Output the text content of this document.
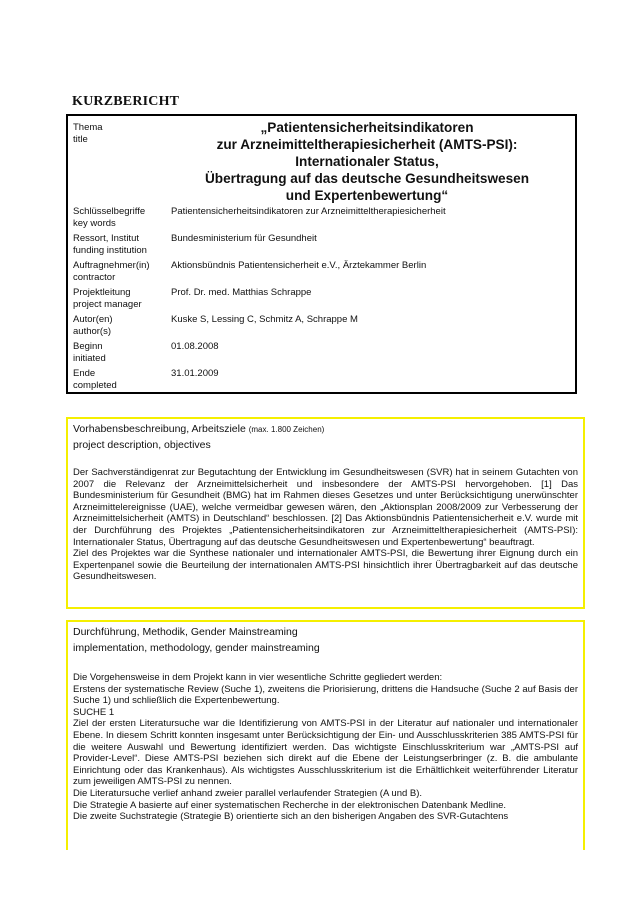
KURZBERICHT
Thema
title
„Patientensicherheitsindikatoren
zur Arzneimitteltherapiesicherheit (AMTS-PSI):
Internationaler Status,
Übertragung auf das deutsche Gesundheitswesen
und Expertenbewertung“
Schlüsselbegriffe
key words
Patientensicherheitsindikatoren zur Arzneimitteltherapiesicherheit
Ressort, Institut
funding institution
Bundesministerium für Gesundheit
Auftragnehmer(in)
contractor
Aktionsbündnis Patientensicherheit e.V., Ärztekammer Berlin
Projektleitung
project manager
Prof. Dr. med. Matthias Schrappe
Autor(en)
author(s)
Kuske S, Lessing C, Schmitz A, Schrappe M
Beginn
initiated
01.08.2008
Ende
completed
31.01.2009
Vorhabensbeschreibung, Arbeitsziele (max. 1.800 Zeichen)
project description, objectives

Der Sachverständigenrat zur Begutachtung der Entwicklung im Gesundheitswesen (SVR) hat in seinem Gutachten von 2007 die Relevanz der Arzneimittelsicherheit und insbesondere der AMTS-PSI hervorgehoben. [1] Das Bundesministerium für Gesundheit (BMG) hat im Rahmen dieses Gesetzes und unter Berücksichtigung unerwünschter Arzneimittelereignisse (UAE), welche vermeidbar gewesen wären, den „Aktionsplan 2008/2009 zur Verbesserung der Arzneimittelsicherheit (AMTS) in Deutschland“ beschlossen. [2] Das Aktionsbündnis Patientensicherheit e.V. wurde mit der Durchführung des Projektes „Patientensicherheitsindikatoren zur Arzneimitteltherapiesicherheit (AMTS-PSI): Internationaler Status, Übertragung auf das deutsche Gesundheitswesen und Expertenbewertung“ beauftragt.

Ziel des Projektes war die Synthese nationaler und internationaler AMTS-PSI, die Bewertung ihrer Eignung durch ein Expertenpanel sowie die Beurteilung der internationalen AMTS-PSI hinsichtlich ihrer Übertragbarkeit auf das deutsche Gesundheitswesen.

Durchführung, Methodik, Gender Mainstreaming
implementation, methodology, gender mainstreaming

Die Vorgehensweise in dem Projekt kann in vier wesentliche Schritte gegliedert werden:

Erstens der systematische Review (Suche 1), zweitens die Priorisierung, drittens die Handsuche (Suche 2 auf Basis der Suche 1) und schließlich die Expertenbewertung.

SUCHE 1

Ziel der ersten Literatursuche war die Identifizierung von AMTS-PSI in der Literatur auf nationaler und internationaler Ebene. In diesem Schritt konnten insgesamt unter Berücksichtigung der Ein- und Ausschlusskriterien 385 AMTS-PSI für die weitere Auswahl und Bewertung identifiziert werden. Das wichtigste Einschlusskriterium war „AMTS-PSI auf Provider-Level“. Diese AMTS-PSI beziehen sich direkt auf die Ebene der Leistungserbringer (z. B. die ambulante Einrichtung oder das Krankenhaus). Als wichtigstes Ausschlusskriterium ist die Erhältlichkeit weiterführender Literatur zum jeweiligen AMTS-PSI zu nennen.

Die Literatursuche verlief anhand zweier parallel verlaufender Strategien (A und B).

Die Strategie A basierte auf einer systematischen Recherche in der elektronischen Datenbank Medline.

Die zweite Suchstrategie (Strategie B) orientierte sich an den bisherigen Angaben des SVR-Gutachtens
